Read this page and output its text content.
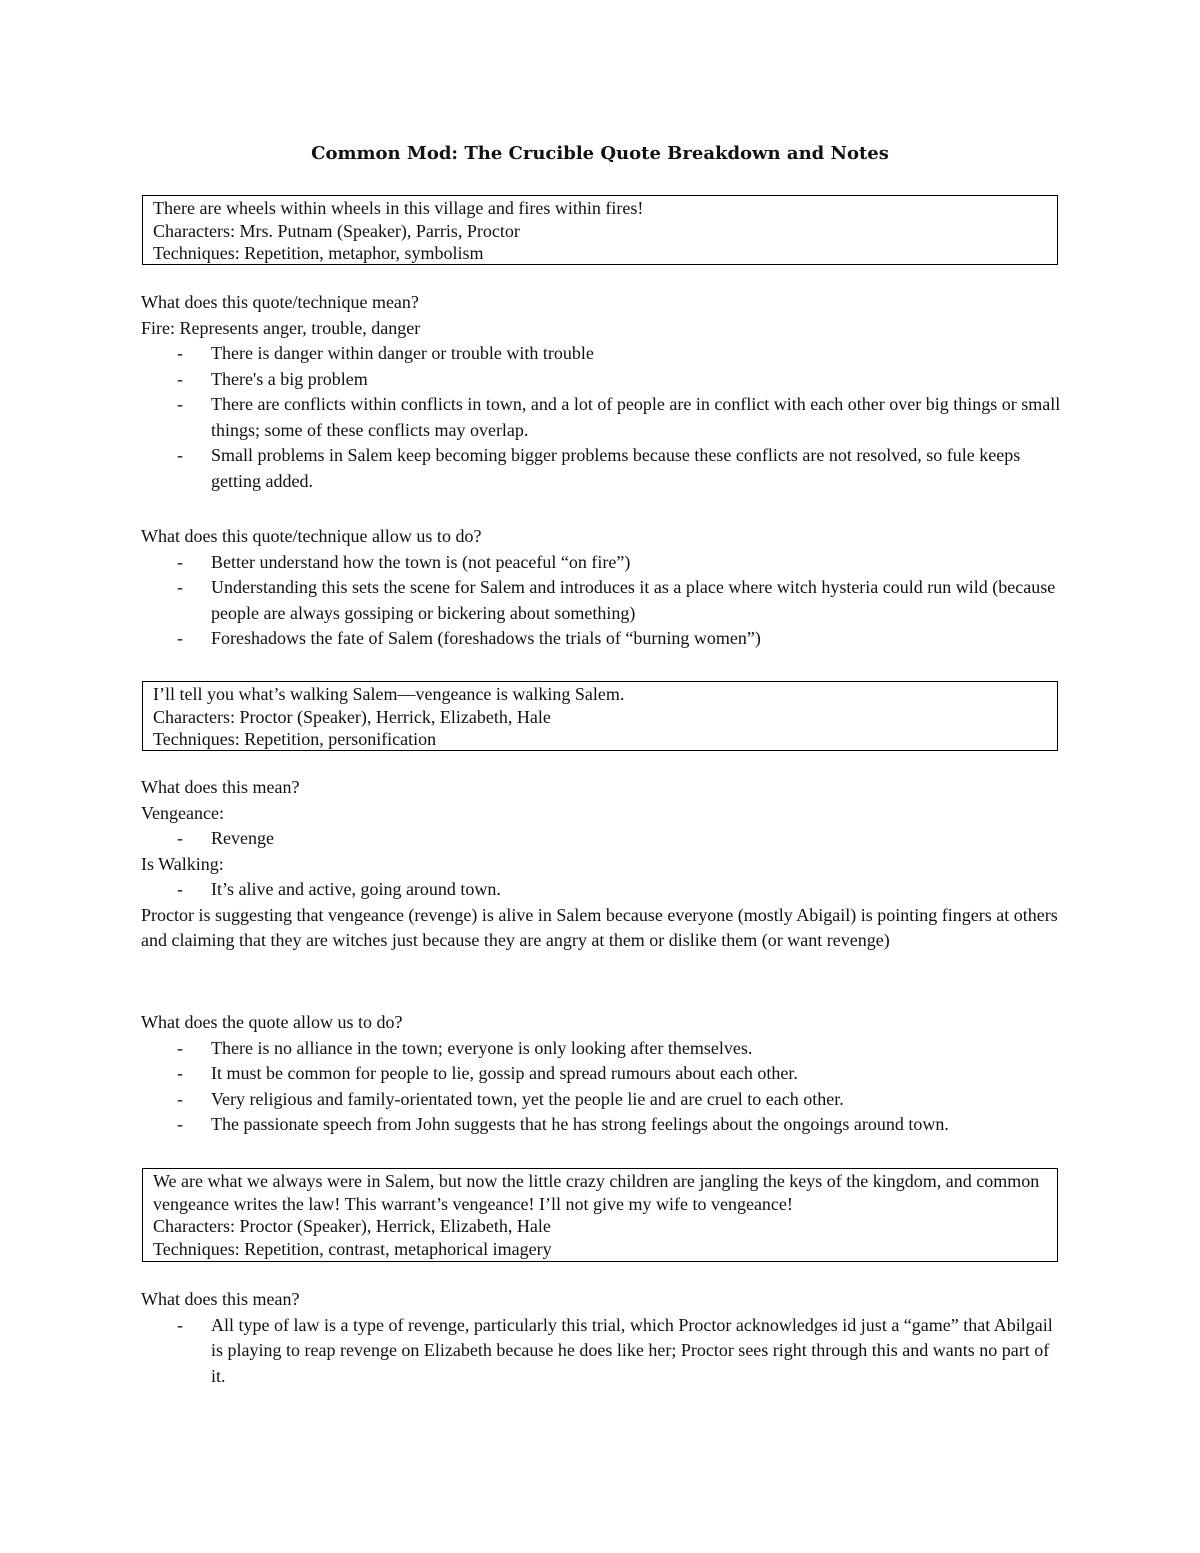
Common Mod: The Crucible Quote Breakdown and Notes
There are wheels within wheels in this village and fires within fires!
Characters: Mrs. Putnam (Speaker), Parris, Proctor
Techniques: Repetition, metaphor, symbolism

What does this quote/technique mean?

Fire: Represents anger, trouble, danger

- There is danger within danger or trouble with trouble
- There's a big problem
- There are conflicts within conflicts in town, and a lot of people are in conflict with each other over big things or small things; some of these conflicts may overlap.
- Small problems in Salem keep becoming bigger problems because these conflicts are not resolved, so fule keeps getting added.

What does this quote/technique allow us to do?

- Better understand how the town is (not peaceful “on fire”)
- Understanding this sets the scene for Salem and introduces it as a place where witch hysteria could run wild (because people are always gossiping or bickering about something)
- Foreshadows the fate of Salem (foreshadows the trials of “burning women”)
I’ll tell you what’s walking Salem—vengeance is walking Salem.
Characters: Proctor (Speaker), Herrick, Elizabeth, Hale
Techniques: Repetition, personification

What does this mean?

Vengeance:

- Revenge

Is Walking:

- It’s alive and active, going around town.

Proctor is suggesting that vengeance (revenge) is alive in Salem because everyone (mostly Abigail) is pointing fingers at others and claiming that they are witches just because they are angry at them or dislike them (or want revenge)

What does the quote allow us to do?

- There is no alliance in the town; everyone is only looking after themselves.
- It must be common for people to lie, gossip and spread rumours about each other.
- Very religious and family-orientated town, yet the people lie and are cruel to each other.
- The passionate speech from John suggests that he has strong feelings about the ongoings around town.
We are what we always were in Salem, but now the little crazy children are jangling the keys of the kingdom, and common vengeance writes the law! This warrant’s vengeance! I’ll not give my wife to vengeance!
Characters: Proctor (Speaker), Herrick, Elizabeth, Hale
Techniques: Repetition, contrast, metaphorical imagery

What does this mean?

- All type of law is a type of revenge, particularly this trial, which Proctor acknowledges id just a “game” that Abilgail is playing to reap revenge on Elizabeth because he does like her; Proctor sees right through this and wants no part of it.
